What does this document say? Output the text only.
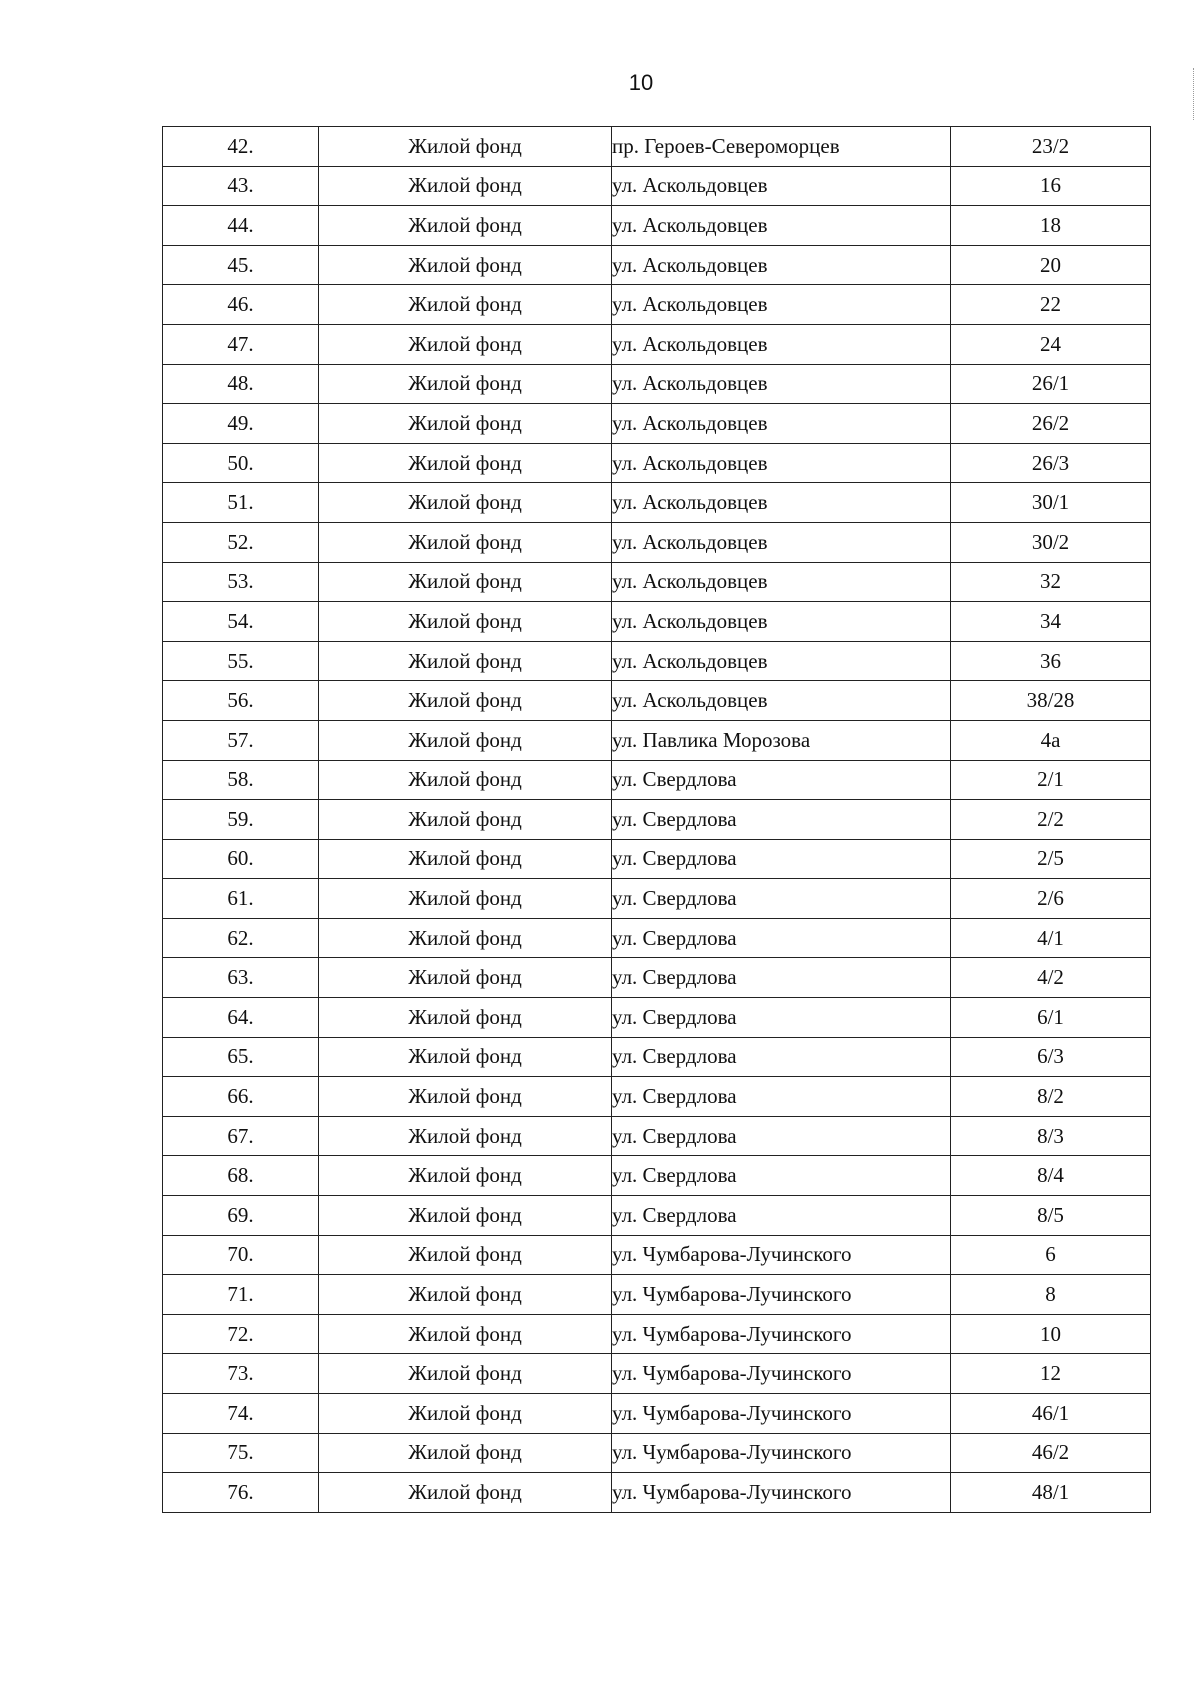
10
42.	Жилой фонд	пр. Героев-Североморцев	23/2
43.	Жилой фонд	ул. Аскольдовцев	16
44.	Жилой фонд	ул. Аскольдовцев	18
45.	Жилой фонд	ул. Аскольдовцев	20
46.	Жилой фонд	ул. Аскольдовцев	22
47.	Жилой фонд	ул. Аскольдовцев	24
48.	Жилой фонд	ул. Аскольдовцев	26/1
49.	Жилой фонд	ул. Аскольдовцев	26/2
50.	Жилой фонд	ул. Аскольдовцев	26/3
51.	Жилой фонд	ул. Аскольдовцев	30/1
52.	Жилой фонд	ул. Аскольдовцев	30/2
53.	Жилой фонд	ул. Аскольдовцев	32
54.	Жилой фонд	ул. Аскольдовцев	34
55.	Жилой фонд	ул. Аскольдовцев	36
56.	Жилой фонд	ул. Аскольдовцев	38/28
57.	Жилой фонд	ул. Павлика Морозова	4а
58.	Жилой фонд	ул. Свердлова	2/1
59.	Жилой фонд	ул. Свердлова	2/2
60.	Жилой фонд	ул. Свердлова	2/5
61.	Жилой фонд	ул. Свердлова	2/6
62.	Жилой фонд	ул. Свердлова	4/1
63.	Жилой фонд	ул. Свердлова	4/2
64.	Жилой фонд	ул. Свердлова	6/1
65.	Жилой фонд	ул. Свердлова	6/3
66.	Жилой фонд	ул. Свердлова	8/2
67.	Жилой фонд	ул. Свердлова	8/3
68.	Жилой фонд	ул. Свердлова	8/4
69.	Жилой фонд	ул. Свердлова	8/5
70.	Жилой фонд	ул. Чумбарова-Лучинского	6
71.	Жилой фонд	ул. Чумбарова-Лучинского	8
72.	Жилой фонд	ул. Чумбарова-Лучинского	10
73.	Жилой фонд	ул. Чумбарова-Лучинского	12
74.	Жилой фонд	ул. Чумбарова-Лучинского	46/1
75.	Жилой фонд	ул. Чумбарова-Лучинского	46/2
76.	Жилой фонд	ул. Чумбарова-Лучинского	48/1
